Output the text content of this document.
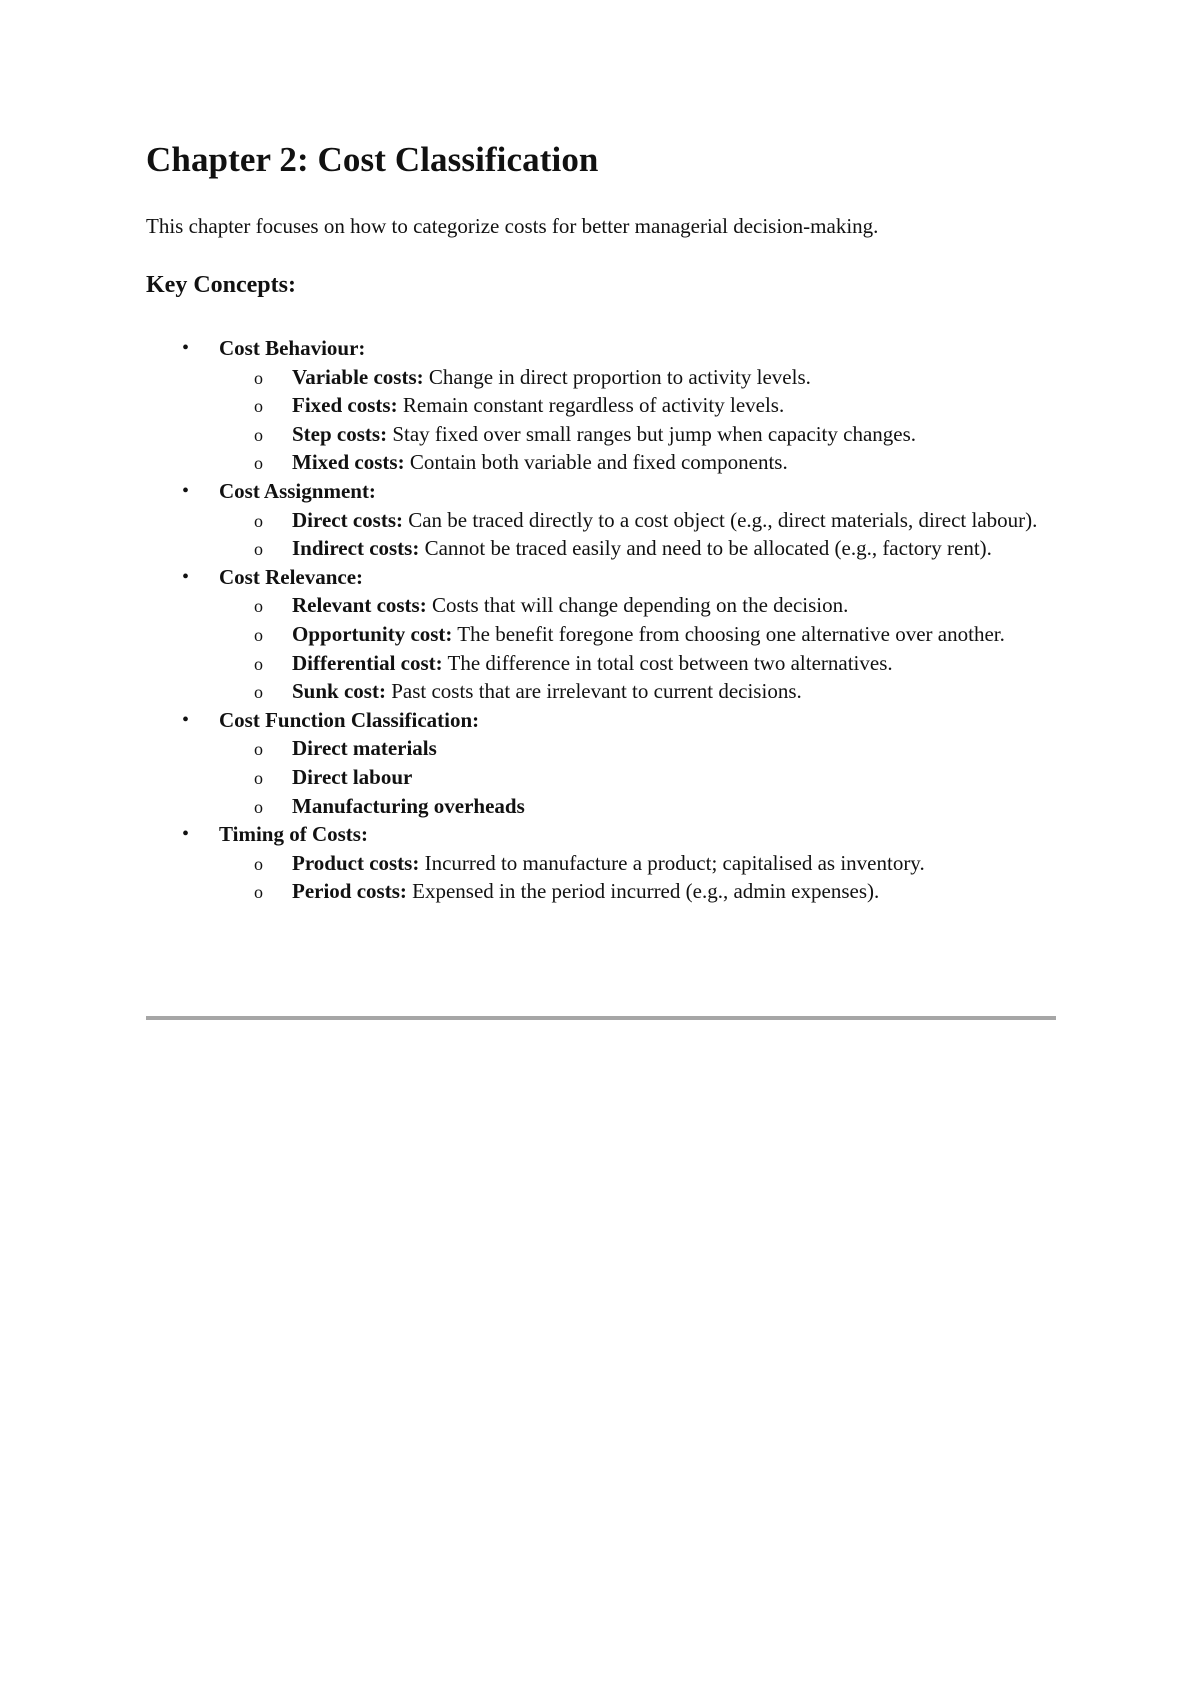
Chapter 2: Cost Classification

This chapter focuses on how to categorize costs for better managerial decision-making.

Key Concepts:
• Cost Behaviour:
o Variable costs: Change in direct proportion to activity levels.
o Fixed costs: Remain constant regardless of activity levels.
o Step costs: Stay fixed over small ranges but jump when capacity changes.
o Mixed costs: Contain both variable and fixed components.
• Cost Assignment:
o Direct costs: Can be traced directly to a cost object (e.g., direct materials, direct labour).
o Indirect costs: Cannot be traced easily and need to be allocated (e.g., factory rent).
• Cost Relevance:
o Relevant costs: Costs that will change depending on the decision.
o Opportunity cost: The benefit foregone from choosing one alternative over another.
o Differential cost: The difference in total cost between two alternatives.
o Sunk cost: Past costs that are irrelevant to current decisions.
• Cost Function Classification:
o Direct materials
o Direct labour
o Manufacturing overheads
• Timing of Costs:
o Product costs: Incurred to manufacture a product; capitalised as inventory.
o Period costs: Expensed in the period incurred (e.g., admin expenses).
